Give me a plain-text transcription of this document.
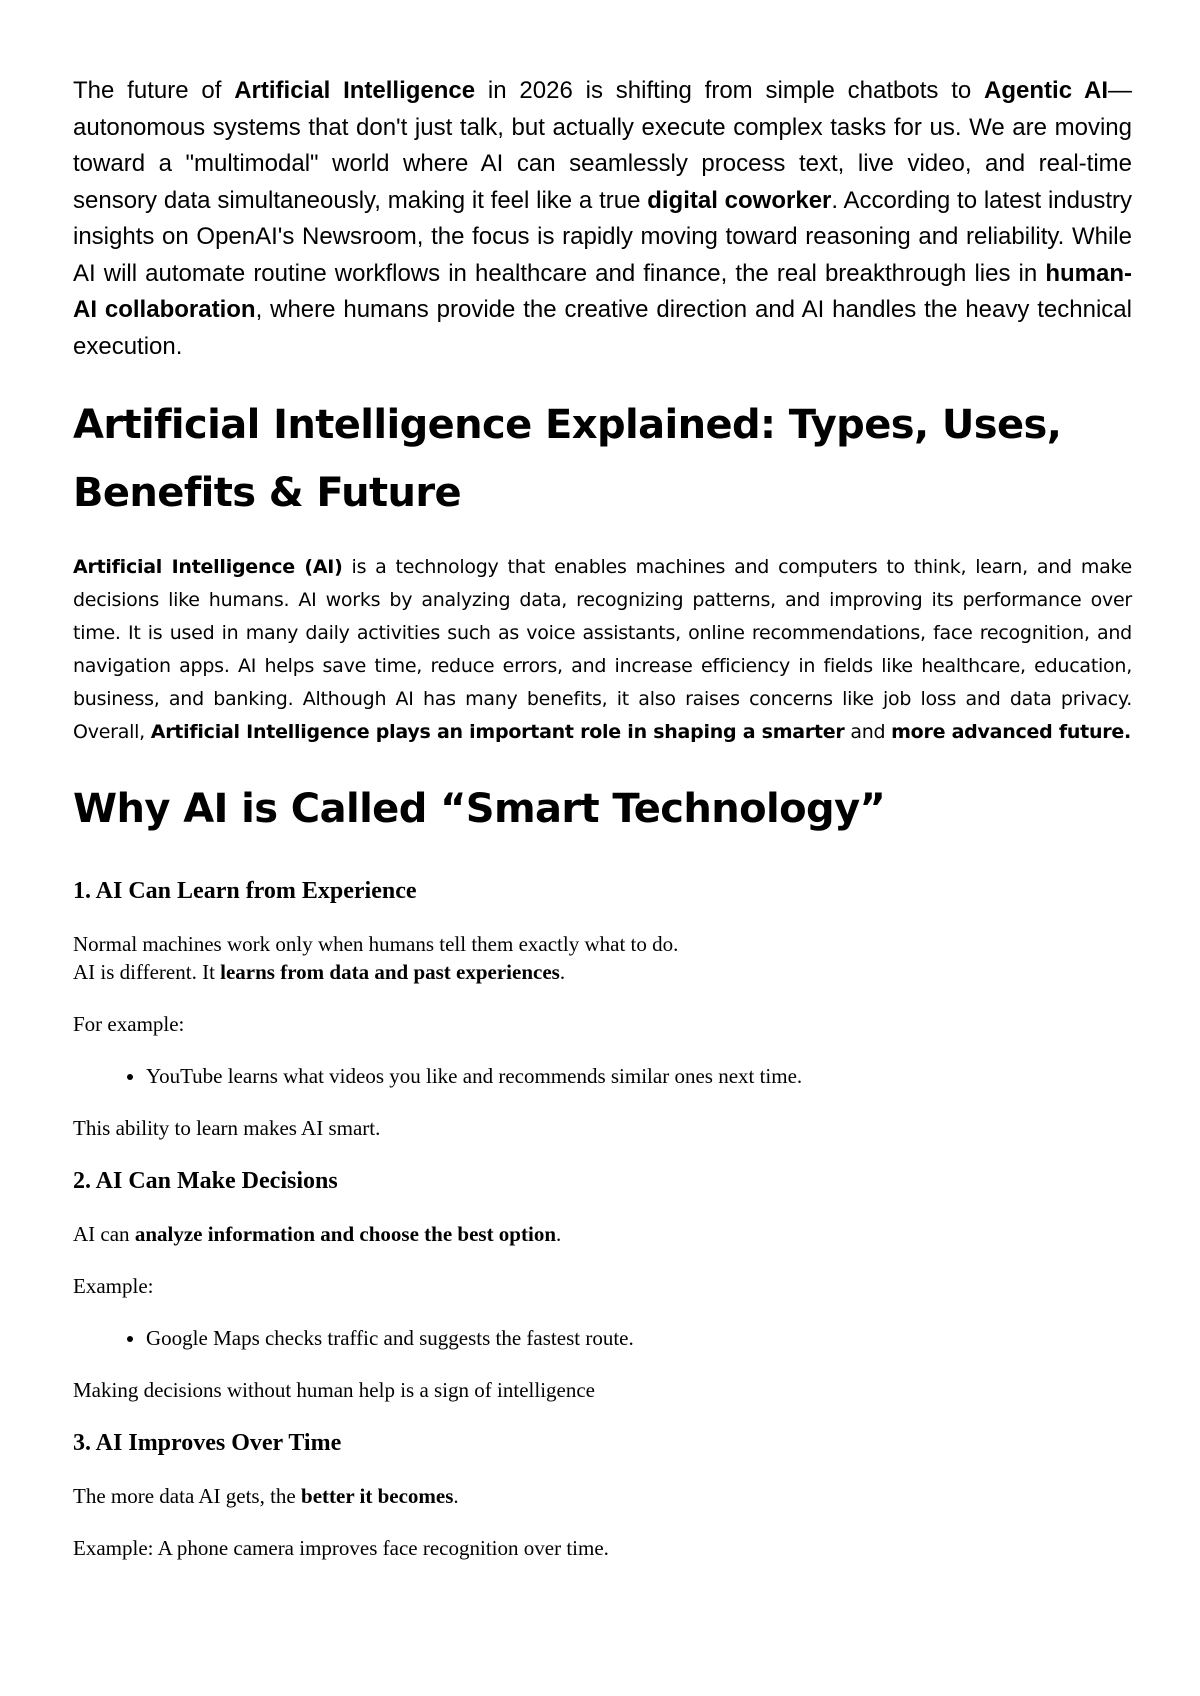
The future of Artificial Intelligence in 2026 is shifting from simple chatbots to Agentic AI—autonomous systems that don't just talk, but actually execute complex tasks for us. We are moving toward a "multimodal" world where AI can seamlessly process text, live video, and real-time sensory data simultaneously, making it feel like a true digital coworker. According to latest industry insights on OpenAI's Newsroom, the focus is rapidly moving toward reasoning and reliability. While AI will automate routine workflows in healthcare and finance, the real breakthrough lies in human-AI collaboration, where humans provide the creative direction and AI handles the heavy technical execution.

Artificial Intelligence Explained: Types, Uses, Benefits & Future

Artificial Intelligence (AI) is a technology that enables machines and computers to think, learn, and make decisions like humans. AI works by analyzing data, recognizing patterns, and improving its performance over time. It is used in many daily activities such as voice assistants, online recommendations, face recognition, and navigation apps. AI helps save time, reduce errors, and increase efficiency in fields like healthcare, education, business, and banking. Although AI has many benefits, it also raises concerns like job loss and data privacy. Overall, Artificial Intelligence plays an important role in shaping a smarter and more advanced future.

Why AI is Called “Smart Technology”
1. AI Can Learn from Experience

Normal machines work only when humans tell them exactly what to do.

AI is different. It learns from data and past experiences.

For example:

• YouTube learns what videos you like and recommends similar ones next time.

This ability to learn makes AI smart.

2. AI Can Make Decisions

AI can analyze information and choose the best option.

Example:

• Google Maps checks traffic and suggests the fastest route.

Making decisions without human help is a sign of intelligence

3. AI Improves Over Time

The more data AI gets, the better it becomes.

Example: A phone camera improves face recognition over time.
